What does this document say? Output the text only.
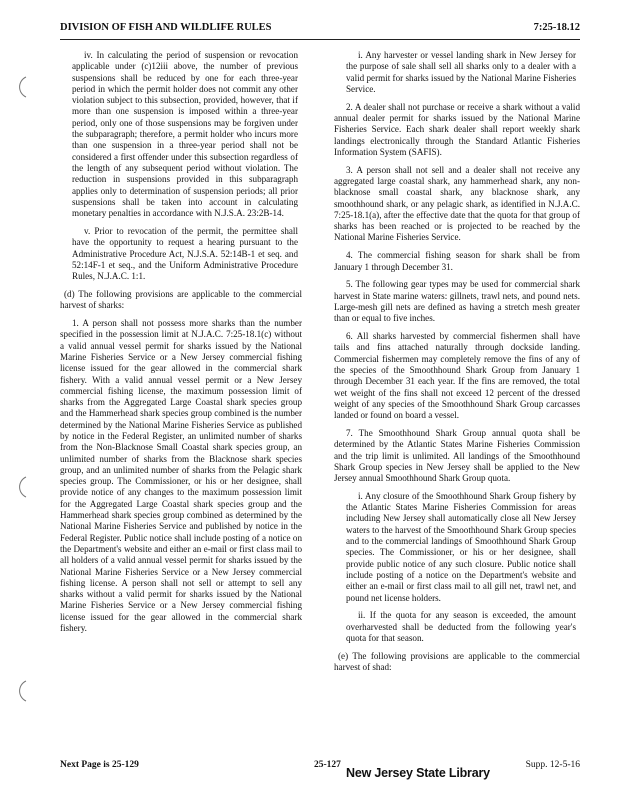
DIVISION OF FISH AND WILDLIFE RULES	7:25-18.12

iv. In calculating the period of suspension or revocation applicable under (c)12iii above, the number of previous suspensions shall be reduced by one for each three-year period in which the permit holder does not commit any other violation subject to this subsection, provided, however, that if more than one suspension is imposed within a three-year period, only one of those suspensions may be forgiven under the subparagraph; therefore, a permit holder who incurs more than one suspension in a three-year period shall not be considered a first offender under this subsection regardless of the length of any subsequent period without violation. The reduction in suspensions provided in this subparagraph applies only to determination of suspension periods; all prior suspensions shall be taken into account in calculating monetary penalties in accordance with N.J.S.A. 23:2B-14.

v. Prior to revocation of the permit, the permittee shall have the opportunity to request a hearing pursuant to the Administrative Procedure Act, N.J.S.A. 52:14B-1 et seq. and 52:14F-1 et seq., and the Uniform Administrative Procedure Rules, N.J.A.C. 1:1.

(d) The following provisions are applicable to the commercial harvest of sharks:

1. A person shall not possess more sharks than the number specified in the possession limit at N.J.A.C. 7:25-18.1(c) without a valid annual vessel permit for sharks issued by the National Marine Fisheries Service or a New Jersey commercial fishing license issued for the gear allowed in the commercial shark fishery. With a valid annual vessel permit or a New Jersey commercial fishing license, the maximum possession limit of sharks from the Aggregated Large Coastal shark species group and the Hammerhead shark species group combined is the number determined by the National Marine Fisheries Service as published by notice in the Federal Register, an unlimited number of sharks from the Non-Blacknose Small Coastal shark species group, an unlimited number of sharks from the Blacknose shark species group, and an unlimited number of sharks from the Pelagic shark species group. The Commissioner, or his or her designee, shall provide notice of any changes to the maximum possession limit for the Aggregated Large Coastal shark species group and the Hammerhead shark species group combined as determined by the National Marine Fisheries Service and published by notice in the Federal Register. Public notice shall include posting of a notice on the Department's website and either an e-mail or first class mail to all holders of a valid annual vessel permit for sharks issued by the National Marine Fisheries Service or a New Jersey commercial fishing license. A person shall not sell or attempt to sell any sharks without a valid permit for sharks issued by the National Marine Fisheries Service or a New Jersey commercial fishing license issued for the gear allowed in the commercial shark fishery.

i. Any harvester or vessel landing shark in New Jersey for the purpose of sale shall sell all sharks only to a dealer with a valid permit for sharks issued by the National Marine Fisheries Service.

2. A dealer shall not purchase or receive a shark without a valid annual dealer permit for sharks issued by the National Marine Fisheries Service. Each shark dealer shall report weekly shark landings electronically through the Standard Atlantic Fisheries Information System (SAFIS).

3. A person shall not sell and a dealer shall not receive any aggregated large coastal shark, any hammerhead shark, any non-blacknose small coastal shark, any blacknose shark, any smoothhound shark, or any pelagic shark, as identified in N.J.A.C. 7:25-18.1(a), after the effective date that the quota for that group of sharks has been reached or is projected to be reached by the National Marine Fisheries Service.

4. The commercial fishing season for shark shall be from January 1 through December 31.

5. The following gear types may be used for commercial shark harvest in State marine waters: gillnets, trawl nets, and pound nets. Large-mesh gill nets are defined as having a stretch mesh greater than or equal to five inches.

6. All sharks harvested by commercial fishermen shall have tails and fins attached naturally through dockside landing. Commercial fishermen may completely remove the fins of any of the species of the Smoothhound Shark Group from January 1 through December 31 each year. If the fins are removed, the total wet weight of the fins shall not exceed 12 percent of the dressed weight of any species of the Smoothhound Shark Group carcasses landed or found on board a vessel.

7. The Smoothhound Shark Group annual quota shall be determined by the Atlantic States Marine Fisheries Commission and the trip limit is unlimited. All landings of the Smoothhound Shark Group species in New Jersey shall be applied to the New Jersey annual Smoothhound Shark Group quota.

i. Any closure of the Smoothhound Shark Group fishery by the Atlantic States Marine Fisheries Commission for areas including New Jersey shall automatically close all New Jersey waters to the harvest of the Smoothhound Shark Group species and to the commercial landings of Smoothhound Shark Group species. The Commissioner, or his or her designee, shall provide public notice of any such closure. Public notice shall include posting of a notice on the Department's website and either an e-mail or first class mail to all gill net, trawl net, and pound net license holders.

ii. If the quota for any season is exceeded, the amount overharvested shall be deducted from the following year's quota for that season.

(e) The following provisions are applicable to the commercial harvest of shad:

Next Page is 25-129	25-127	Supp. 12-5-16
New Jersey State Library
